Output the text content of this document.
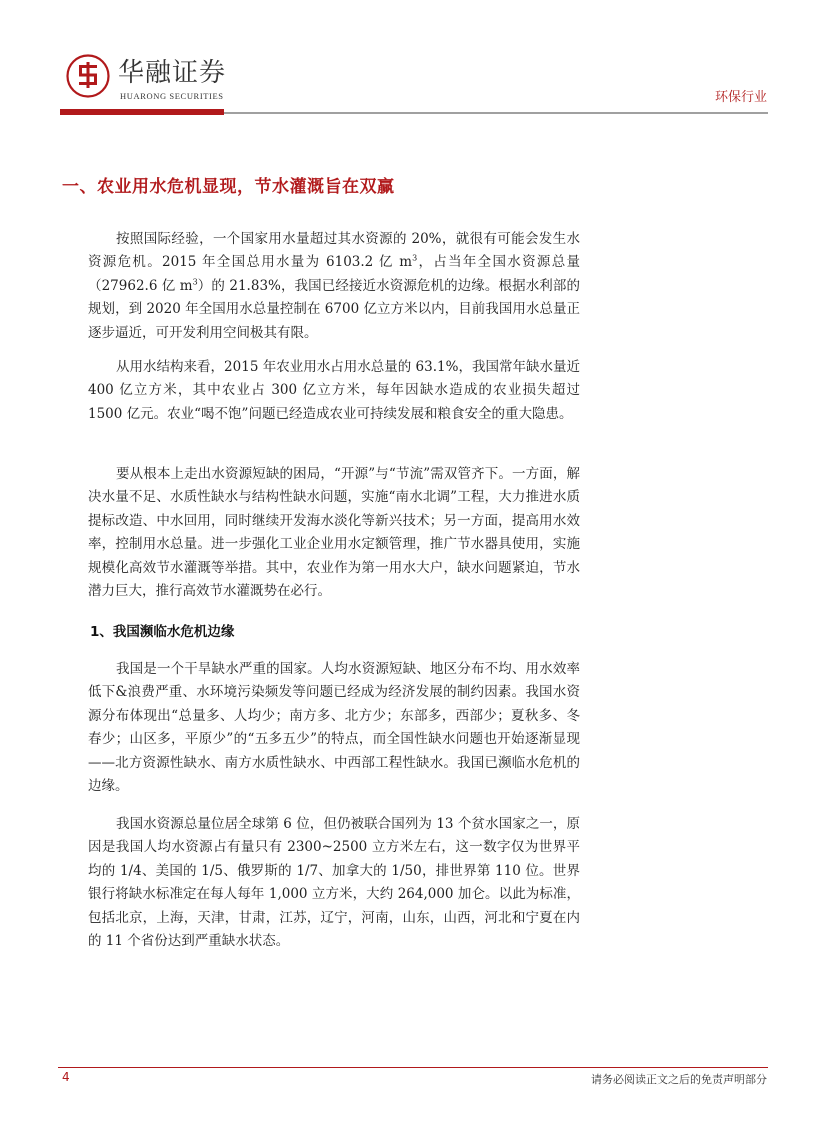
华融证券
HUARONG SECURITIES	环保行业
一、农业用水危机显现，节水灌溉旨在双赢
按照国际经验，一个国家用水量超过其水资源的 20%，就很有可能会发生水资源危机。2015 年全国总用水量为 6103.2 亿 $m^3$，占当年全国水资源总量（27962.6 亿 $m^3$）的 21.83%，我国已经接近水资源危机的边缘。根据水利部的规划，到 2020 年全国用水总量控制在 6700 亿立方米以内，目前我国用水总量正逐步逼近，可开发利用空间极其有限。
从用水结构来看，2015 年农业用水占用水总量的 63.1%，我国常年缺水量近 400 亿立方米，其中农业占 300 亿立方米，每年因缺水造成的农业损失超过 1500 亿元。农业“喝不饱”问题已经造成农业可持续发展和粮食安全的重大隐患。
要从根本上走出水资源短缺的困局，“开源”与“节流”需双管齐下。一方面，解决水量不足、水质性缺水与结构性缺水问题，实施“南水北调”工程，大力推进水质提标改造、中水回用，同时继续开发海水淡化等新兴技术；另一方面，提高用水效率，控制用水总量。进一步强化工业企业用水定额管理，推广节水器具使用，实施规模化高效节水灌溉等举措。其中，农业作为第一用水大户，缺水问题紧迫，节水潜力巨大，推行高效节水灌溉势在必行。
1、我国濒临水危机边缘
我国是一个干旱缺水严重的国家。人均水资源短缺、地区分布不均、用水效率低下&浪费严重、水环境污染频发等问题已经成为经济发展的制约因素。我国水资源分布体现出“总量多、人均少；南方多、北方少；东部多，西部少；夏秋多、冬春少；山区多，平原少”的“五多五少”的特点，而全国性缺水问题也开始逐渐显现——北方资源性缺水、南方水质性缺水、中西部工程性缺水。我国已濒临水危机的边缘。
我国水资源总量位居全球第 6 位，但仍被联合国列为 13 个贫水国家之一，原因是我国人均水资源占有量只有 2300~2500 立方米左右，这一数字仅为世界平均的 1/4、美国的 1/5、俄罗斯的 1/7、加拿大的 1/50，排世界第 110 位。世界银行将缺水标准定在每人每年 1,000 立方米，大约 264,000 加仑。以此为标准，包括北京，上海，天津，甘肃，江苏，辽宁，河南，山东，山西，河北和宁夏在内的 11 个省份达到严重缺水状态。
4	请务必阅读正文之后的免责声明部分
